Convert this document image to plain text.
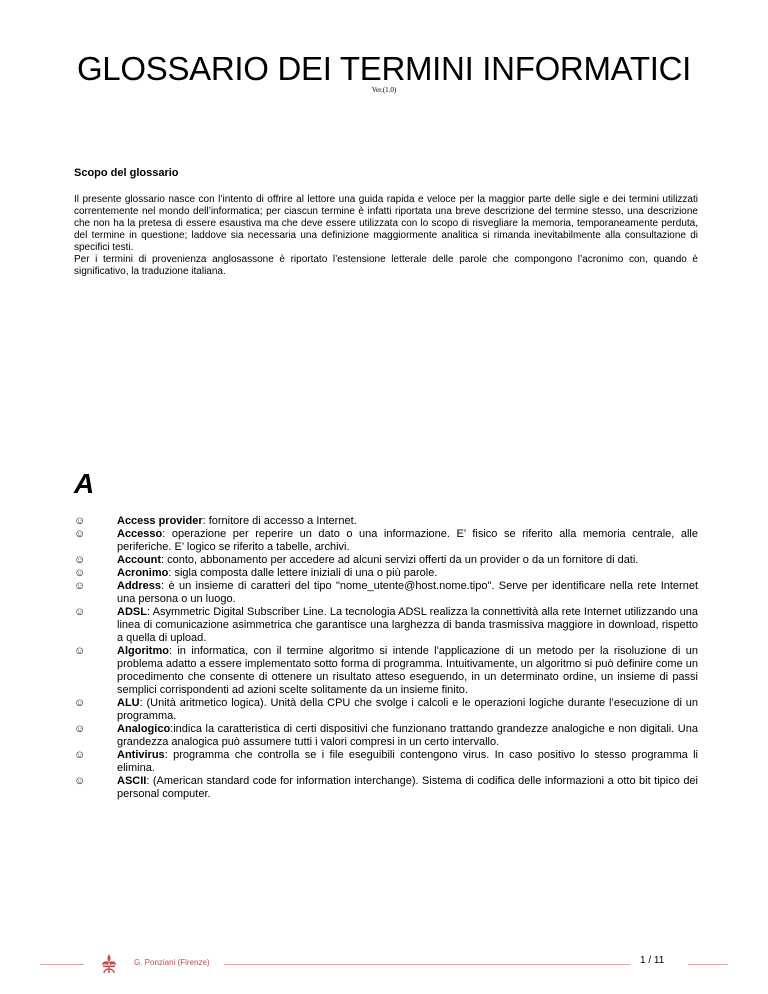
GLOSSARIO DEI TERMINI INFORMATICI
Ver.(1.0)
Scopo del glossario

Il presente glossario nasce con l’intento di offrire al lettore una guida rapida e veloce per la maggior parte delle sigle e dei termini utilizzati correntemente nel mondo dell’informatica; per ciascun termine è infatti riportata una breve descrizione del termine stesso, una descrizione che non ha la pretesa di essere esaustiva ma che deve essere utilizzata con lo scopo di risvegliare la memoria, temporaneamente perduta, del termine in questione; laddove sia necessaria una definizione maggiormente analitica si rimanda inevitabilmente alla consultazione di specifici testi.

Per i termini di provenienza anglosassone è riportato l’estensione letterale delle parole che compongono l’acronimo con, quando è significativo, la traduzione italiana.

A
☺	Access provider: fornitore di accesso a Internet.
☺	Accesso: operazione per reperire un dato o una informazione. E’ fisico se riferito alla memoria centrale, alle periferiche. E’ logico se riferito a tabelle, archivi.
☺	Account: conto, abbonamento per accedere ad alcuni servizi offerti da un provider o da un fornitore di dati.
☺	Acronimo: sigla composta dalle lettere iniziali di una o più parole.
☺	Address: è un insieme di caratteri del tipo "nome_utente@host.nome.tipo". Serve per identificare nella rete Internet una persona o un luogo.
☺	ADSL: Asymmetric Digital Subscriber Line. La tecnologia ADSL realizza la connettività alla rete Internet utilizzando una linea di comunicazione asimmetrica che garantisce una larghezza di banda trasmissiva maggiore in download, rispetto a quella di upload.
☺	Algoritmo: in informatica, con il termine algoritmo si intende l'applicazione di un metodo per la risoluzione di un problema adatto a essere implementato sotto forma di programma. Intuitivamente, un algoritmo si può definire come un procedimento che consente di ottenere un risultato atteso eseguendo, in un determinato ordine, un insieme di passi semplici corrispondenti ad azioni scelte solitamente da un insieme finito.
☺	ALU: (Unità aritmetico logica). Unità della CPU che svolge i calcoli e le operazioni logiche durante l’esecuzione di un programma.
☺	Analogico:indica la caratteristica di certi dispositivi che funzionano trattando grandezze analogiche e non digitali. Una grandezza analogica può assumere tutti i valori compresi in un certo intervallo.
☺	Antivirus: programma che controlla se i file eseguibili contengono virus. In caso positivo lo stesso programma li elimina.
☺	ASCII: (American standard code for information interchange). Sistema di codifica delle informazioni a otto bit tipico dei personal computer.
G. Ponziani (Firenze)	1 / 11
